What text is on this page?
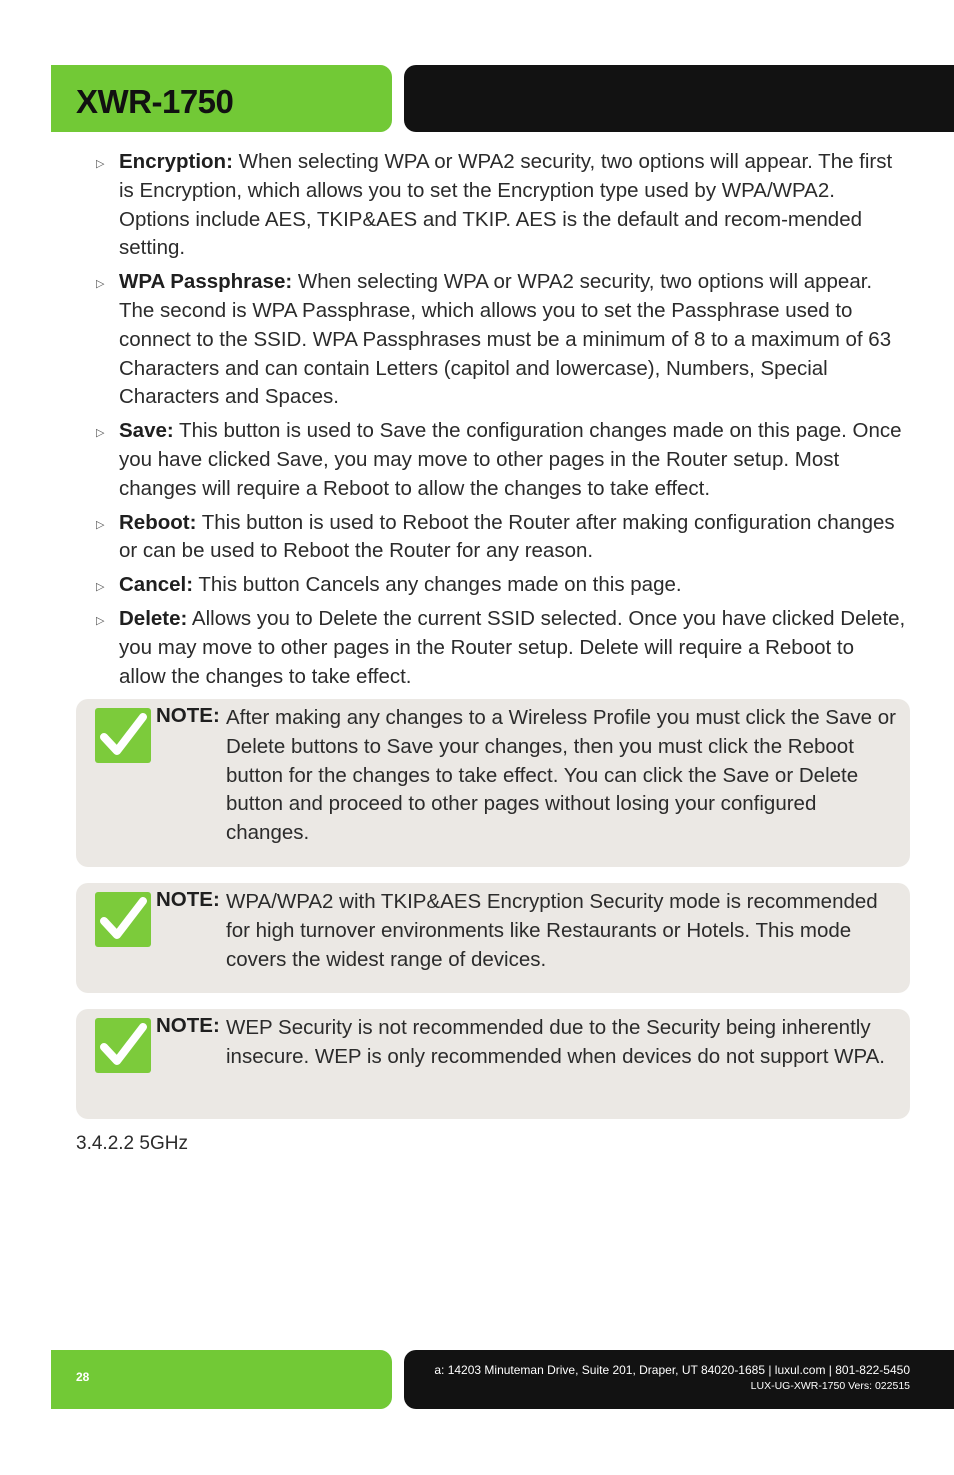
XWR-1750
▷ Encryption: When selecting WPA or WPA2 security, two options will appear. The first is Encryption, which allows you to set the Encryption type used by WPA/WPA2. Options include AES, TKIP&AES and TKIP. AES is the default and recom-mended setting.
▷ WPA Passphrase: When selecting WPA or WPA2 security, two options will appear. The second is WPA Passphrase, which allows you to set the Passphrase used to connect to the SSID. WPA Passphrases must be a minimum of 8 to a maximum of 63 Characters and can contain Letters (capitol and lowercase), Numbers, Special Characters and Spaces.
▷ Save: This button is used to Save the configuration changes made on this page. Once you have clicked Save, you may move to other pages in the Router setup. Most changes will require a Reboot to allow the changes to take effect.
▷ Reboot: This button is used to Reboot the Router after making configuration changes or can be used to Reboot the Router for any reason.
▷ Cancel: This button Cancels any changes made on this page.
▷ Delete: Allows you to Delete the current SSID selected. Once you have clicked Delete, you may move to other pages in the Router setup. Delete will require a Reboot to allow the changes to take effect.
NOTE: After making any changes to a Wireless Profile you must click the Save or Delete buttons to Save your changes, then you must click the Reboot button for the changes to take effect. You can click the Save or Delete button and proceed to other pages without losing your configured changes.
NOTE: WPA/WPA2 with TKIP&AES Encryption Security mode is recommended for high turnover environments like Restaurants or Hotels. This mode covers the widest range of devices.
NOTE: WEP Security is not recommended due to the Security being inherently insecure. WEP is only recommended when devices do not support WPA.
3.4.2.2 5GHz
28	a: 14203 Minuteman Drive, Suite 201, Draper, UT 84020-1685 | luxul.com | 801-822-5450
LUX-UG-XWR-1750 Vers: 022515
